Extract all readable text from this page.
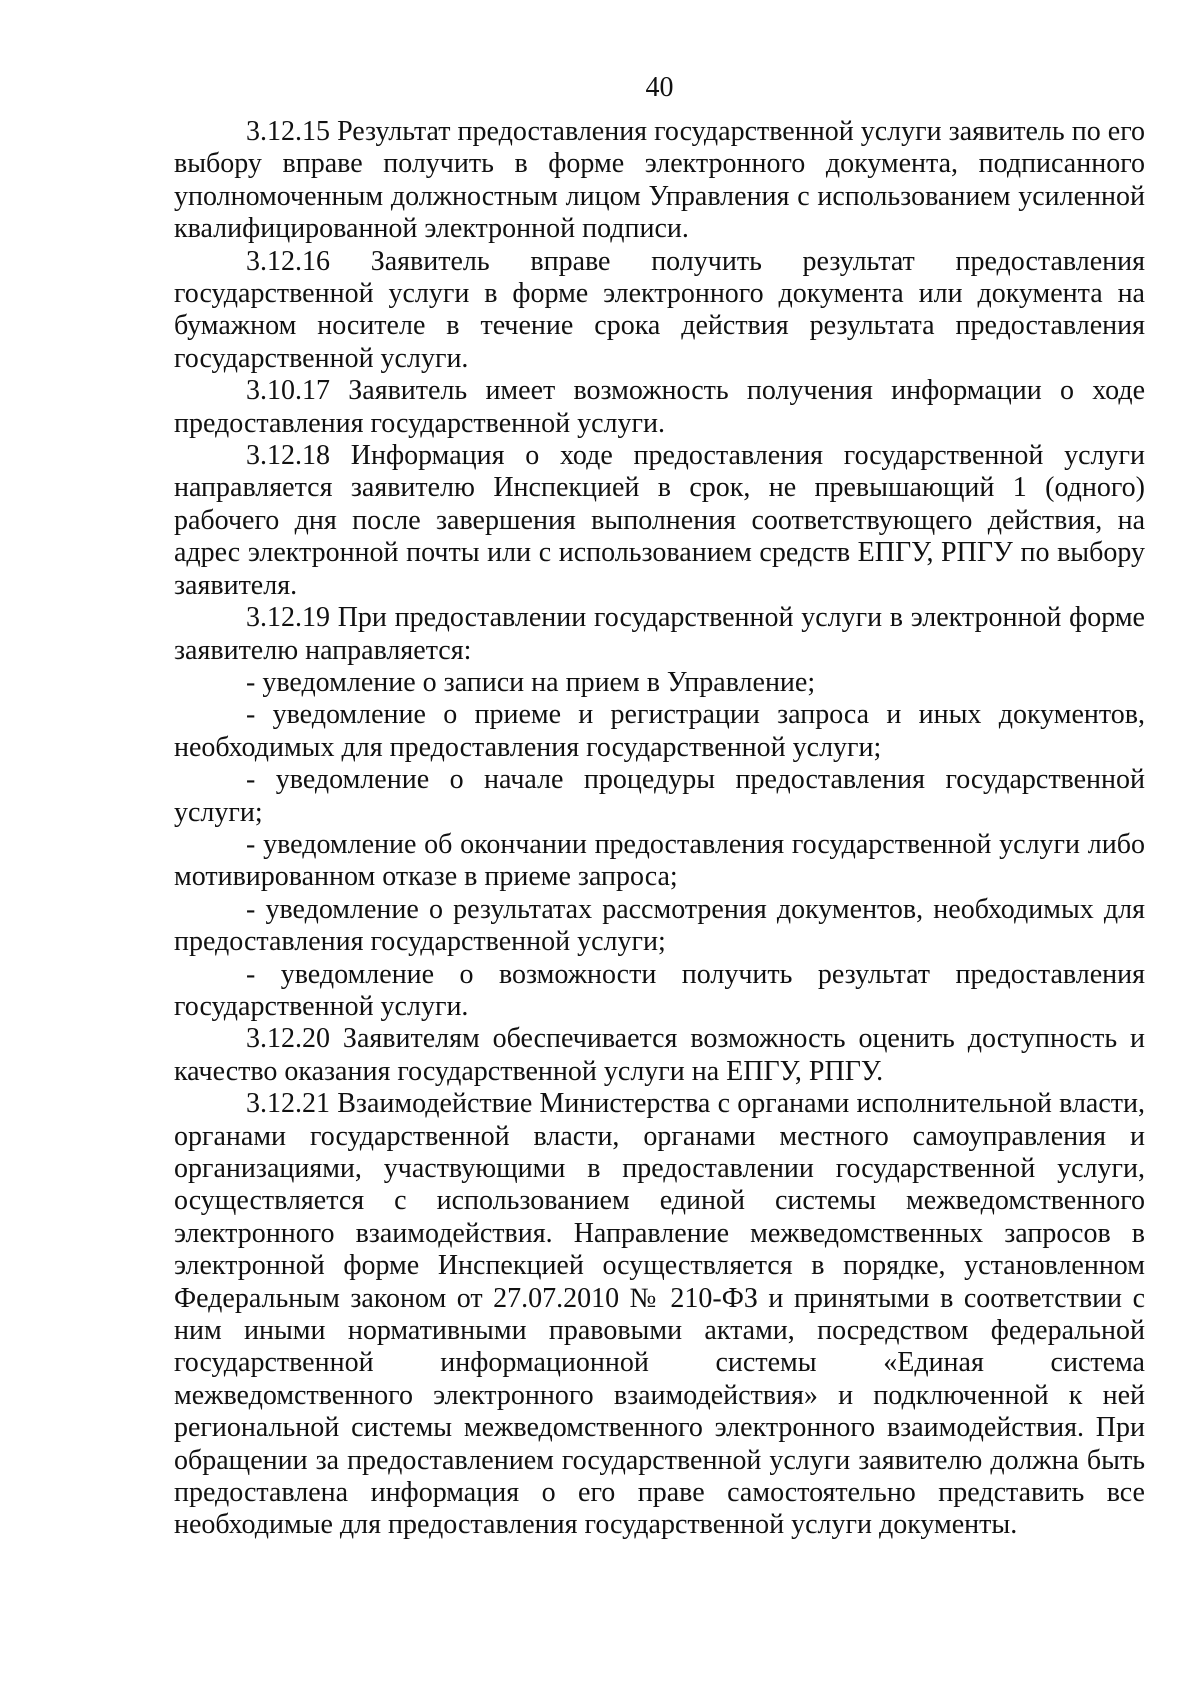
40

3.12.15 Результат предоставления государственной услуги заявитель по его выбору вправе получить в форме электронного документа, подписанного уполномоченным должностным лицом Управления с использованием усиленной квалифицированной электронной подписи.

3.12.16 Заявитель вправе получить результат предоставления государственной услуги в форме электронного документа или документа на бумажном носителе в течение срока действия результата предоставления государственной услуги.

3.10.17 Заявитель имеет возможность получения информации о ходе предоставления государственной услуги.

3.12.18 Информация о ходе предоставления государственной услуги направляется заявителю Инспекцией в срок, не превышающий 1 (одного) рабочего дня после завершения выполнения соответствующего действия, на адрес электронной почты или с использованием средств ЕПГУ, РПГУ по выбору заявителя.

3.12.19 При предоставлении государственной услуги в электронной форме заявителю направляется:

- уведомление о записи на прием в Управление;

- уведомление о приеме и регистрации запроса и иных документов, необходимых для предоставления государственной услуги;

- уведомление о начале процедуры предоставления государственной услуги;

- уведомление об окончании предоставления государственной услуги либо мотивированном отказе в приеме запроса;

- уведомление о результатах рассмотрения документов, необходимых для предоставления государственной услуги;

- уведомление о возможности получить результат предоставления государственной услуги.

3.12.20 Заявителям обеспечивается возможность оценить доступность и качество оказания государственной услуги на ЕПГУ, РПГУ.

3.12.21 Взаимодействие Министерства с органами исполнительной власти, органами государственной власти, органами местного самоуправления и организациями, участвующими в предоставлении государственной услуги, осуществляется с использованием единой системы межведомственного электронного взаимодействия. Направление межведомственных запросов в электронной форме Инспекцией осуществляется в порядке, установленном Федеральным законом от 27.07.2010 № 210-ФЗ и принятыми в соответствии с ним иными нормативными правовыми актами, посредством федеральной государственной информационной системы «Единая система межведомственного электронного взаимодействия» и подключенной к ней региональной системы межведомственного электронного взаимодействия. При обращении за предоставлением государственной услуги заявителю должна быть предоставлена информация о его праве самостоятельно представить все необходимые для предоставления государственной услуги документы.
